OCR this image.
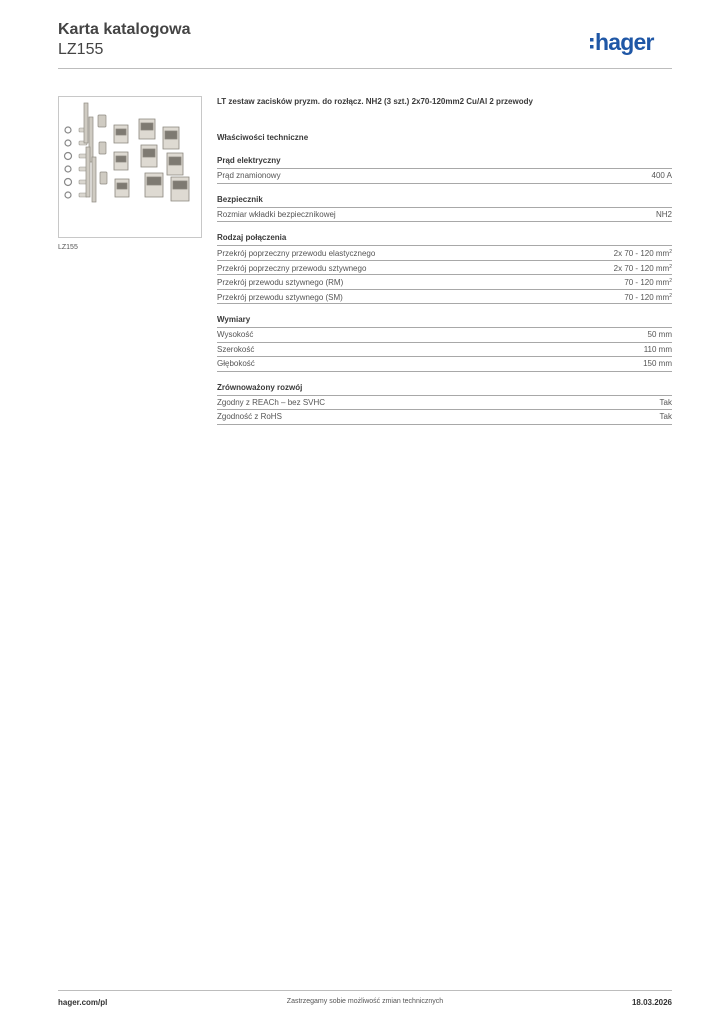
Karta katalogowa
LZ155	hager
LZ155
LT zestaw zacisków pryzm. do rozłącz. NH2 (3 szt.) 2x70-120mm2 Cu/Al 2 przewody
Właściwości techniczne
Prąd elektryczny
Prąd znamionowy	400 A
Bezpiecznik
Rozmiar wkładki bezpiecznikowej	NH2
Rodzaj połączenia
Przekrój poprzeczny przewodu elastycznego	2x 70 - 120 $mm^2$
Przekrój poprzeczny przewodu sztywnego	2x 70 - 120 $mm^2$
Przekrój przewodu sztywnego (RM)	70 - 120 $mm^2$
Przekrój przewodu sztywnego (SM)	70 - 120 $mm^2$
Wymiary
Wysokość	50 mm
Szerokość	110 mm
Głębokość	150 mm
Zrównoważony rozwój
Zgodny z REACh – bez SVHC	Tak
Zgodność z RoHS	Tak
Zastrzegamy sobie możliwość zmian technicznych
hager.com/pl	18.03.2026
